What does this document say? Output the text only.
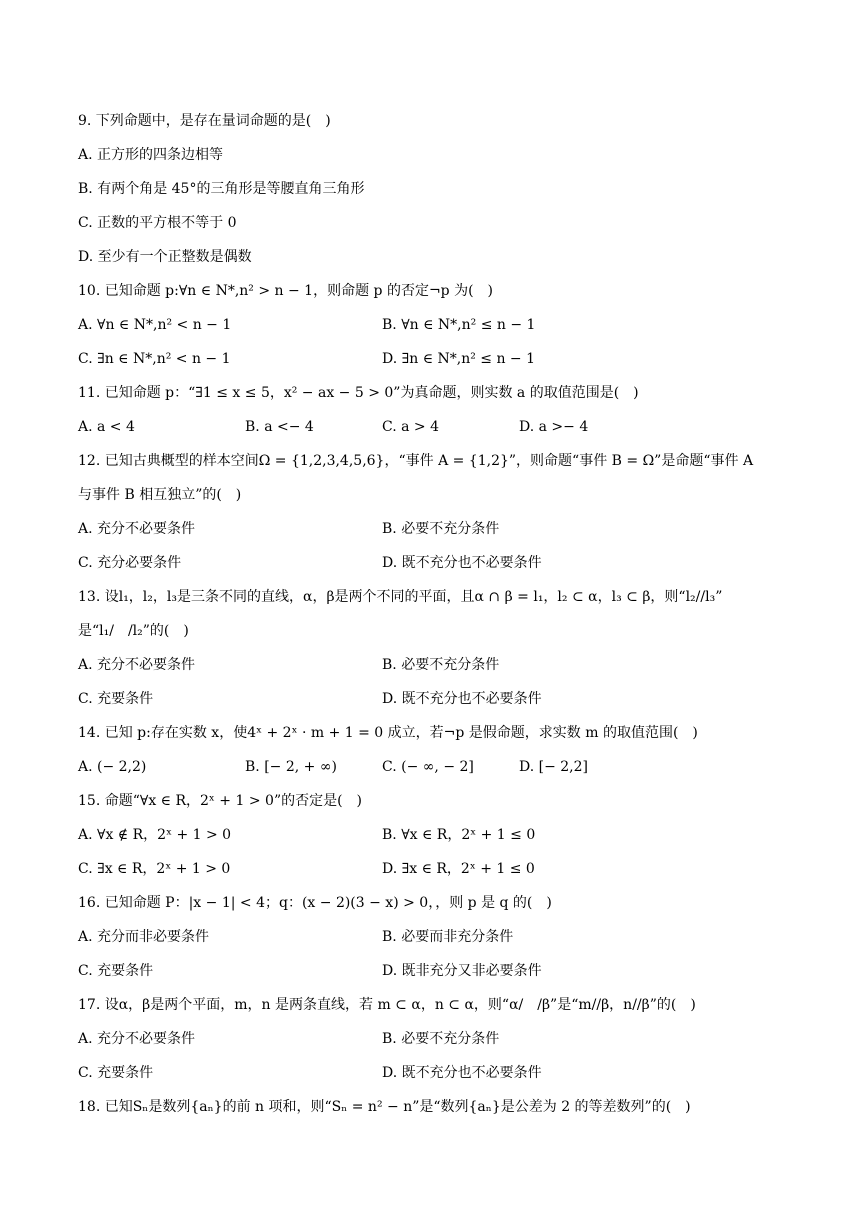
9. 下列命题中，是存在量词命题的是(　)
A. 正方形的四条边相等
B. 有两个角是 45°的三角形是等腰直角三角形
C. 正数的平方根不等于 0
D. 至少有一个正整数是偶数
10. 已知命题 p:∀n ∈ N*,n² > n − 1，则命题 p 的否定¬p 为(　)
A. ∀n ∈ N*,n² < n − 1	B. ∀n ∈ N*,n² ≤ n − 1
C. ∃n ∈ N*,n² < n − 1	D. ∃n ∈ N*,n² ≤ n − 1
11. 已知命题 p：“∃1 ≤ x ≤ 5，x² − ax − 5 > 0”为真命题，则实数 a 的取值范围是(　)
A. a < 4	B. a <− 4	C. a > 4	D. a >− 4
12. 已知古典概型的样本空间Ω = {1,2,3,4,5,6}，“事件 A = {1,2}”，则命题“事件 B = Ω”是命题“事件 A
与事件 B 相互独立”的(　)
A. 充分不必要条件	B. 必要不充分条件
C. 充分必要条件	D. 既不充分也不必要条件
13. 设l₁，l₂，l₃是三条不同的直线，α，β是两个不同的平面，且α ∩ β = l₁，l₂ ⊂ α，l₃ ⊂ β，则“l₂//l₃”
是“l₁/　/l₂”的(　)
A. 充分不必要条件	B. 必要不充分条件
C. 充要条件	D. 既不充分也不必要条件
14. 已知 p:存在实数 x，使4ˣ + 2ˣ · m + 1 = 0 成立，若¬p 是假命题，求实数 m 的取值范围(　)
A. (− 2,2)	B. [− 2, + ∞)	C. (− ∞, − 2]	D. [− 2,2]
15. 命题“∀x ∈ R，2ˣ + 1 > 0”的否定是(　)
A. ∀x ∉ R，2ˣ + 1 > 0	B. ∀x ∈ R，2ˣ + 1 ≤ 0
C. ∃x ∈ R，2ˣ + 1 > 0	D. ∃x ∈ R，2ˣ + 1 ≤ 0
16. 已知命题 P：|x − 1| < 4；q：(x − 2)(3 − x) > 0，，则 p 是 q 的(　)
A. 充分而非必要条件	B. 必要而非充分条件
C. 充要条件	D. 既非充分又非必要条件
17. 设α，β是两个平面，m，n 是两条直线，若 m ⊂ α，n ⊂ α，则“α/　/β”是“m//β，n//β”的(　)
A. 充分不必要条件	B. 必要不充分条件
C. 充要条件	D. 既不充分也不必要条件
18. 已知Sₙ是数列{aₙ}的前 n 项和，则“Sₙ = n² − n”是“数列{aₙ}是公差为 2 的等差数列”的(　)
